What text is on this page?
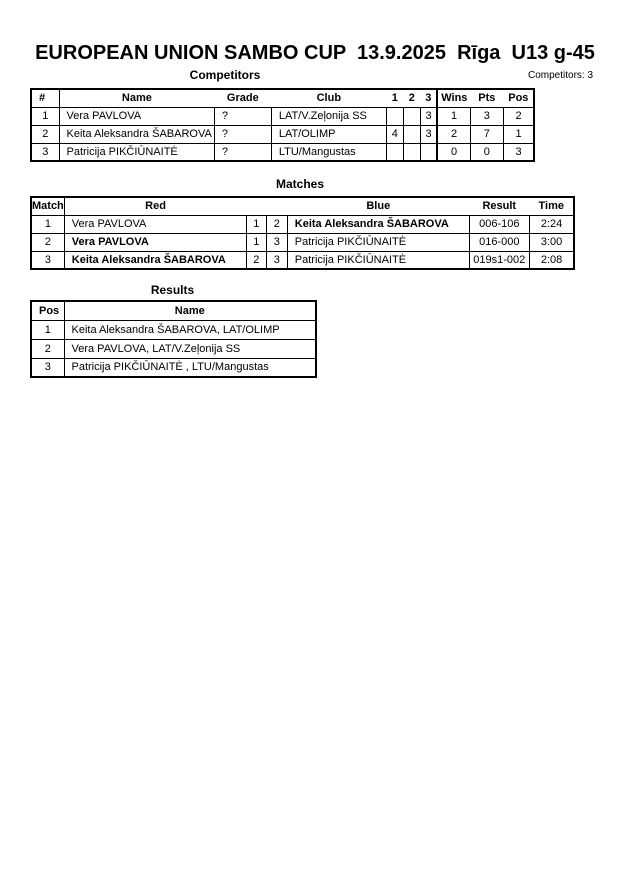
EUROPEAN UNION SAMBO CUP  13.9.2025  Rīga  U13 g-45
Competitors	Competitors: 3
#	Name	Grade	Club	1	2	3	Wins	Pts	Pos
1	Vera PAVLOVA	?	LAT/V.Zeļonija SS			3	1	3	2
2	Keita Aleksandra ŠABAROVA	?	LAT/OLIMP	4		3	2	7	1
3	Patricija PIKČIŪNAITĖ	?	LTU/Mangustas				0	0	3
Matches
Match	Red			Blue	Result	Time
1	Vera PAVLOVA	1	2	Keita Aleksandra ŠABAROVA	006-106	2:24
2	Vera PAVLOVA	1	3	Patricija PIKČIŪNAITĖ	016-000	3:00
3	Keita Aleksandra ŠABAROVA	2	3	Patricija PIKČIŪNAITĖ	019s1-002	2:08
Results
Pos	Name
1	Keita Aleksandra ŠABAROVA, LAT/OLIMP
2	Vera PAVLOVA, LAT/V.Zeļonija SS
3	Patricija PIKČIŪNAITĖ , LTU/Mangustas
